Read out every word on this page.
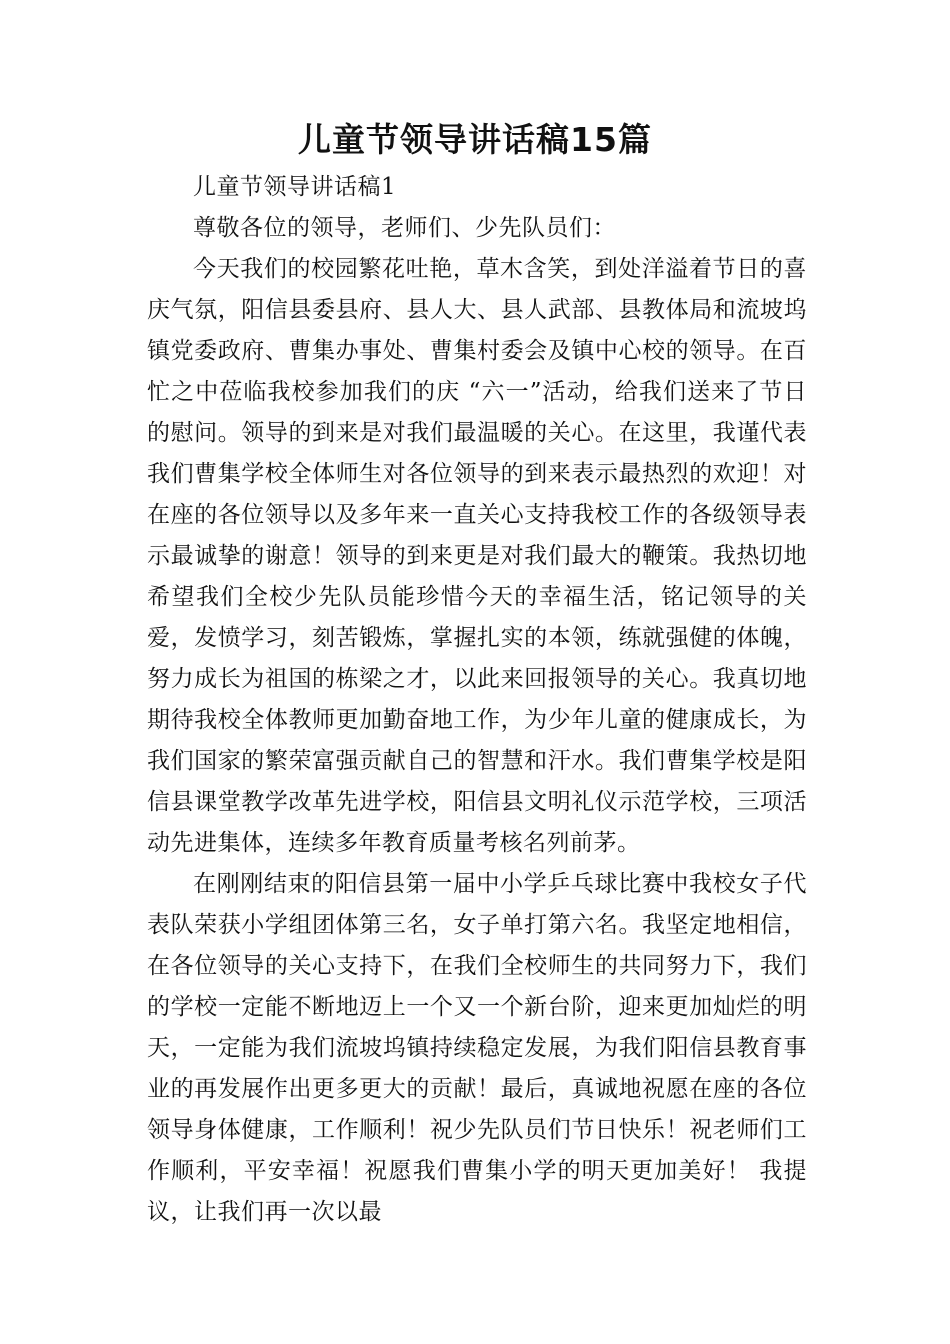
儿童节领导讲话稿15篇

儿童节领导讲话稿1

尊敬各位的领导，老师们、少先队员们：

今天我们的校园繁花吐艳，草木含笑，到处洋溢着节日的喜庆气氛，阳信县委县府、县人大、县人武部、县教体局和流坡坞镇党委政府、曹集办事处、曹集村委会及镇中心校的领导。在百忙之中莅临我校参加我们的庆 “六一”活动，给我们送来了节日的慰问。领导的到来是对我们最温暖的关心。在这里，我谨代表我们曹集学校全体师生对各位领导的到来表示最热烈的欢迎！对在座的各位领导以及多年来一直关心支持我校工作的各级领导表示最诚挚的谢意！领导的到来更是对我们最大的鞭策。我热切地希望我们全校少先队员能珍惜今天的幸福生活，铭记领导的关爱，发愤学习，刻苦锻炼，掌握扎实的本领，练就强健的体魄，努力成长为祖国的栋梁之才，以此来回报领导的关心。我真切地期待我校全体教师更加勤奋地工作，为少年儿童的健康成长，为我们国家的繁荣富强贡献自己的智慧和汗水。我们曹集学校是阳信县课堂教学改革先进学校，阳信县文明礼仪示范学校，三项活动先进集体，连续多年教育质量考核名列前茅。

在刚刚结束的阳信县第一届中小学乒乓球比赛中我校女子代表队荣获小学组团体第三名，女子单打第六名。我坚定地相信，在各位领导的关心支持下，在我们全校师生的共同努力下，我们的学校一定能不断地迈上一个又一个新台阶，迎来更加灿烂的明天，一定能为我们流坡坞镇持续稳定发展，为我们阳信县教育事业的再发展作出更多更大的贡献！最后，真诚地祝愿在座的各位领导身体健康，工作顺利！祝少先队员们节日快乐！祝老师们工作顺利，平安幸福！祝愿我们曹集小学的明天更加美好！ 我提议，让我们再一次以最
